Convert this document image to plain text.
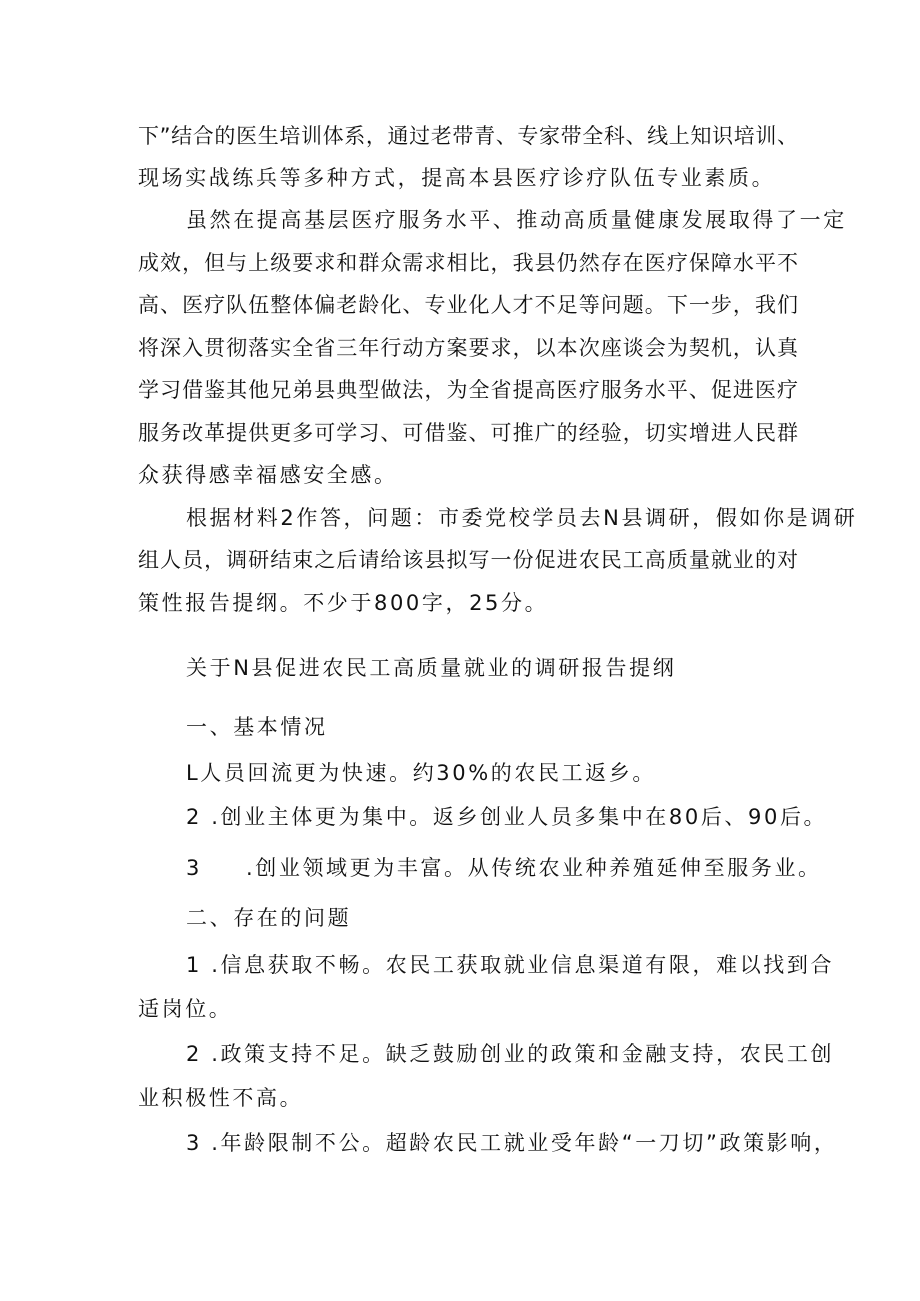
下”结合的医生培训体系，通过老带青、专家带全科、线上知识培训、
现场实战练兵等多种方式，提高本县医疗诊疗队伍专业素质。
虽然在提高基层医疗服务水平、推动高质量健康发展取得了一定
成效，但与上级要求和群众需求相比，我县仍然存在医疗保障水平不
高、医疗队伍整体偏老龄化、专业化人才不足等问题。下一步，我们
将深入贯彻落实全省三年行动方案要求，以本次座谈会为契机，认真
学习借鉴其他兄弟县典型做法，为全省提高医疗服务水平、促进医疗
服务改革提供更多可学习、可借鉴、可推广的经验，切实增进人民群
众获得感幸福感安全感。
根据材料2作答，问题：市委党校学员去N县调研，假如你是调研
组人员，调研结束之后请给该县拟写一份促进农民工高质量就业的对
策性报告提纲。不少于800字，25分。
关于N县促进农民工高质量就业的调研报告提纲
一、基本情况
L人员回流更为快速。约30%的农民工返乡。
2 .创业主体更为集中。返乡创业人员多集中在80后、90后。
3 .创业领域更为丰富。从传统农业种养殖延伸至服务业。
二、存在的问题
1 .信息获取不畅。农民工获取就业信息渠道有限，难以找到合
适岗位。
2 .政策支持不足。缺乏鼓励创业的政策和金融支持，农民工创
业积极性不高。
3 .年龄限制不公。超龄农民工就业受年龄“一刀切”政策影响，
